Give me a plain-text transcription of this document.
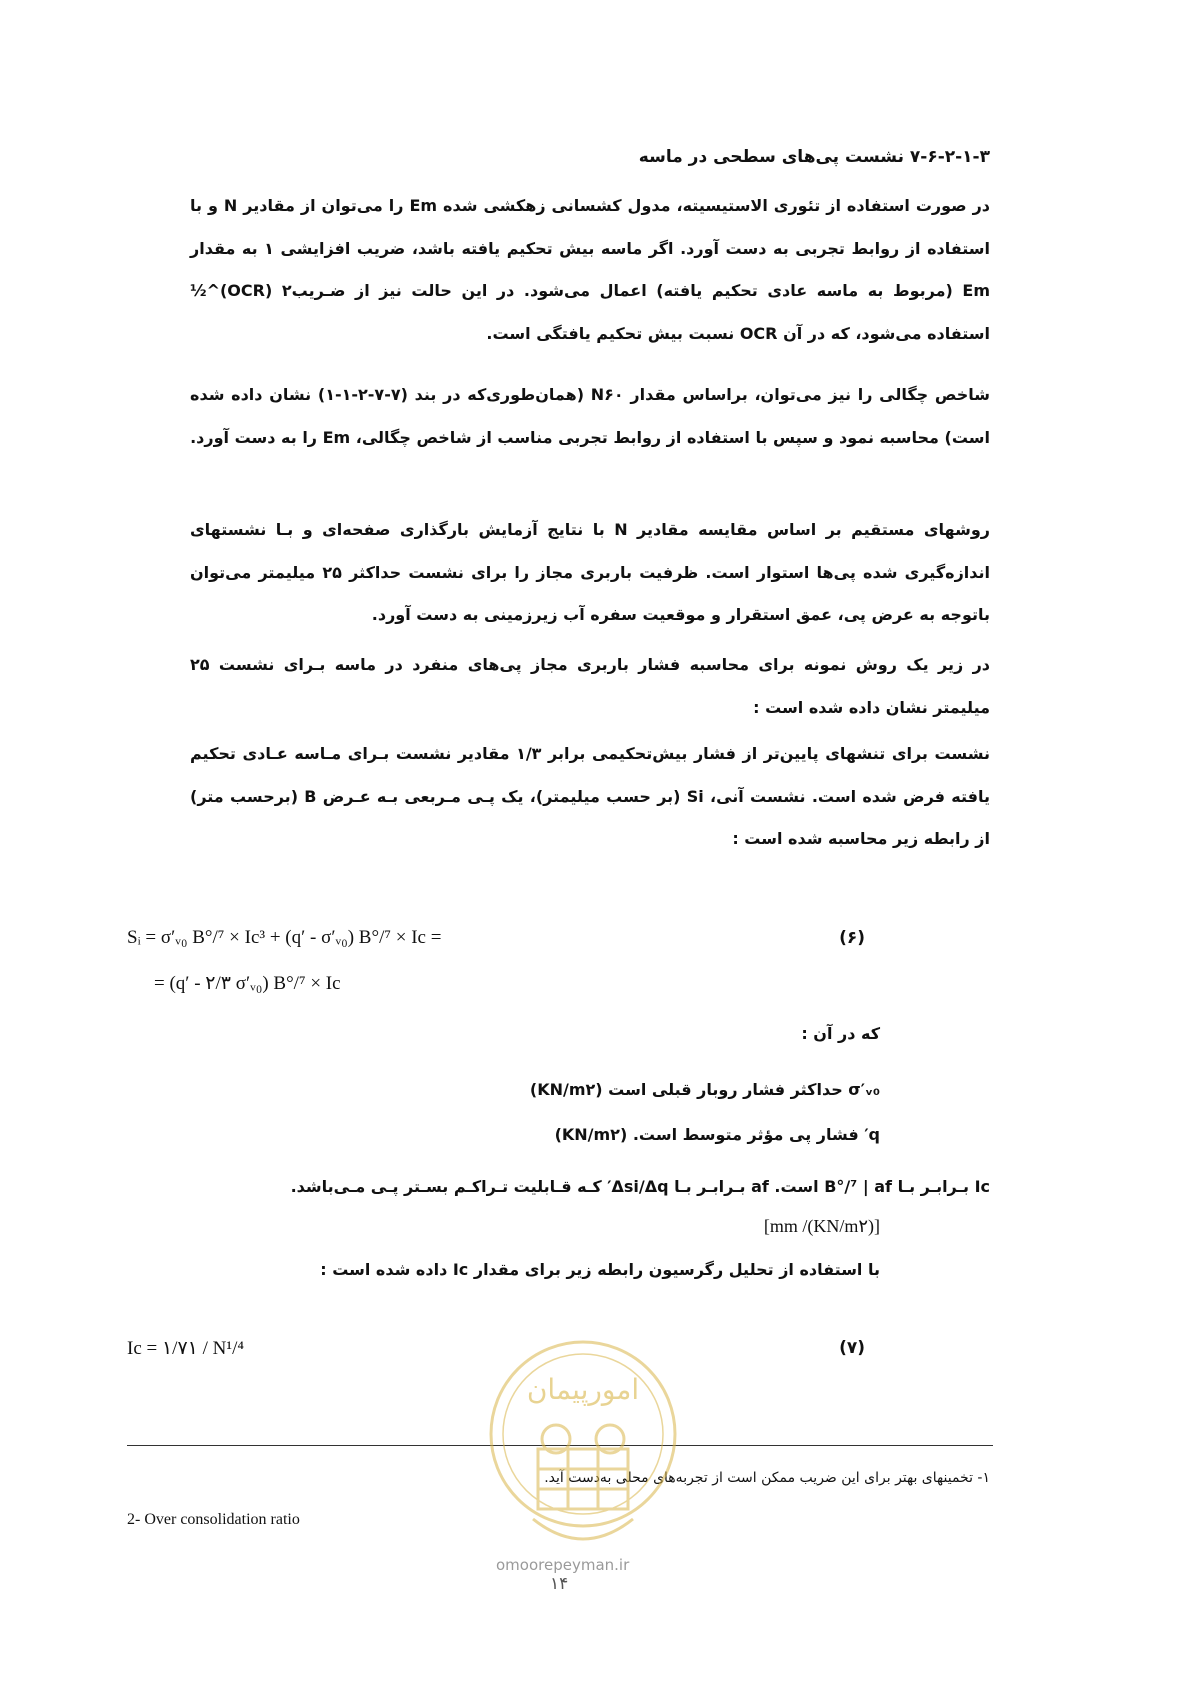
۷-۶-۲-۱-۳ نشست پی‌های سطحی در ماسه
در صورت استفاده از تئوری الاستیسیته، مدول کشسانی زهکشی شده Em را می‌توان از مقادیر N و با استفاده از روابط تجربی به دست آورد. اگر ماسه بیش تحکیم یافته باشد، ضریب افزایشی ۱ به مقدار Em (مربوط به ماسه عادی تحکیم یافته) اعمال می‌شود. در این حالت نیز از ضـریب۲ (OCR)^½ استفاده می‌شود، که در آن OCR نسبت بیش تحکیم یافتگی است.
شاخص چگالی را نیز می‌توان، براساس مقدار N۶۰ (همان‌طوری‌که در بند (۷-۷-۲-۱-۱) نشان داده شده است) محاسبه نمود و سپس با استفاده از روابط تجربی مناسب از شاخص چگالی، Em را به دست آورد.
روشهای مستقیم بر اساس مقایسه مقادیر N با نتایج آزمایش بارگذاری صفحه‌ای و بـا نشستهای اندازه‌گیری شده پی‌ها استوار است. ظرفیت باربری مجاز را برای نشست حداکثر ۲۵ میلیمتر می‌توان باتوجه به عرض پی، عمق استقرار و موقعیت سفره آب زیرزمینی به دست آورد.
در زیر یک روش نمونه برای محاسبه فشار باربری مجاز پی‌های منفرد در ماسه بـرای نشست ۲۵ میلیمتر نشان داده شده است :
نشست برای تنشهای پایین‌تر از فشار بیش‌تحکیمی برابر ۱/۳ مقادیر نشست بـرای مـاسه عـادی تحکیم یافته فرض شده است. نشست آنی، Si (بر حسب میلیمتر)، یک پـی مـربعی بـه عـرض B (برحسب متر) از رابطه زیر محاسبه شده است :
Sᵢ = σ′ᵥ₀ B°/⁷ × Ic³ + (q′ - σ′ᵥ₀) B°/⁷ × Ic =
= (q′ - ۲/۳ σ′ᵥ₀) B°/⁷ × Ic
(۶)
که در آن :
σ′ᵥ₀ حداکثر فشار روبار قبلی است (KN/m۲)
q′ فشار پی مؤثر متوسط است. (KN/m۲)
Ic بـرابـر بـا B°/⁷ | af است. af بـرابـر بـا Δsi/Δq′ کـه قـابلیت تـراکـم بسـتر پـی مـی‌باشد.
[mm /(KN/m۲)]
با استفاده از تحلیل رگرسیون رابطه زیر برای مقدار Ic داده شده است :
Ic = ۱/۷۱ / N¹/⁴	(۷)
۱- تخمینهای بهتر برای این ضریب ممکن است از تجربه‌های محلی به‌دست آید.
2- Over consolidation ratio
امورپیمان
omoorepeyman.ir
۱۴
